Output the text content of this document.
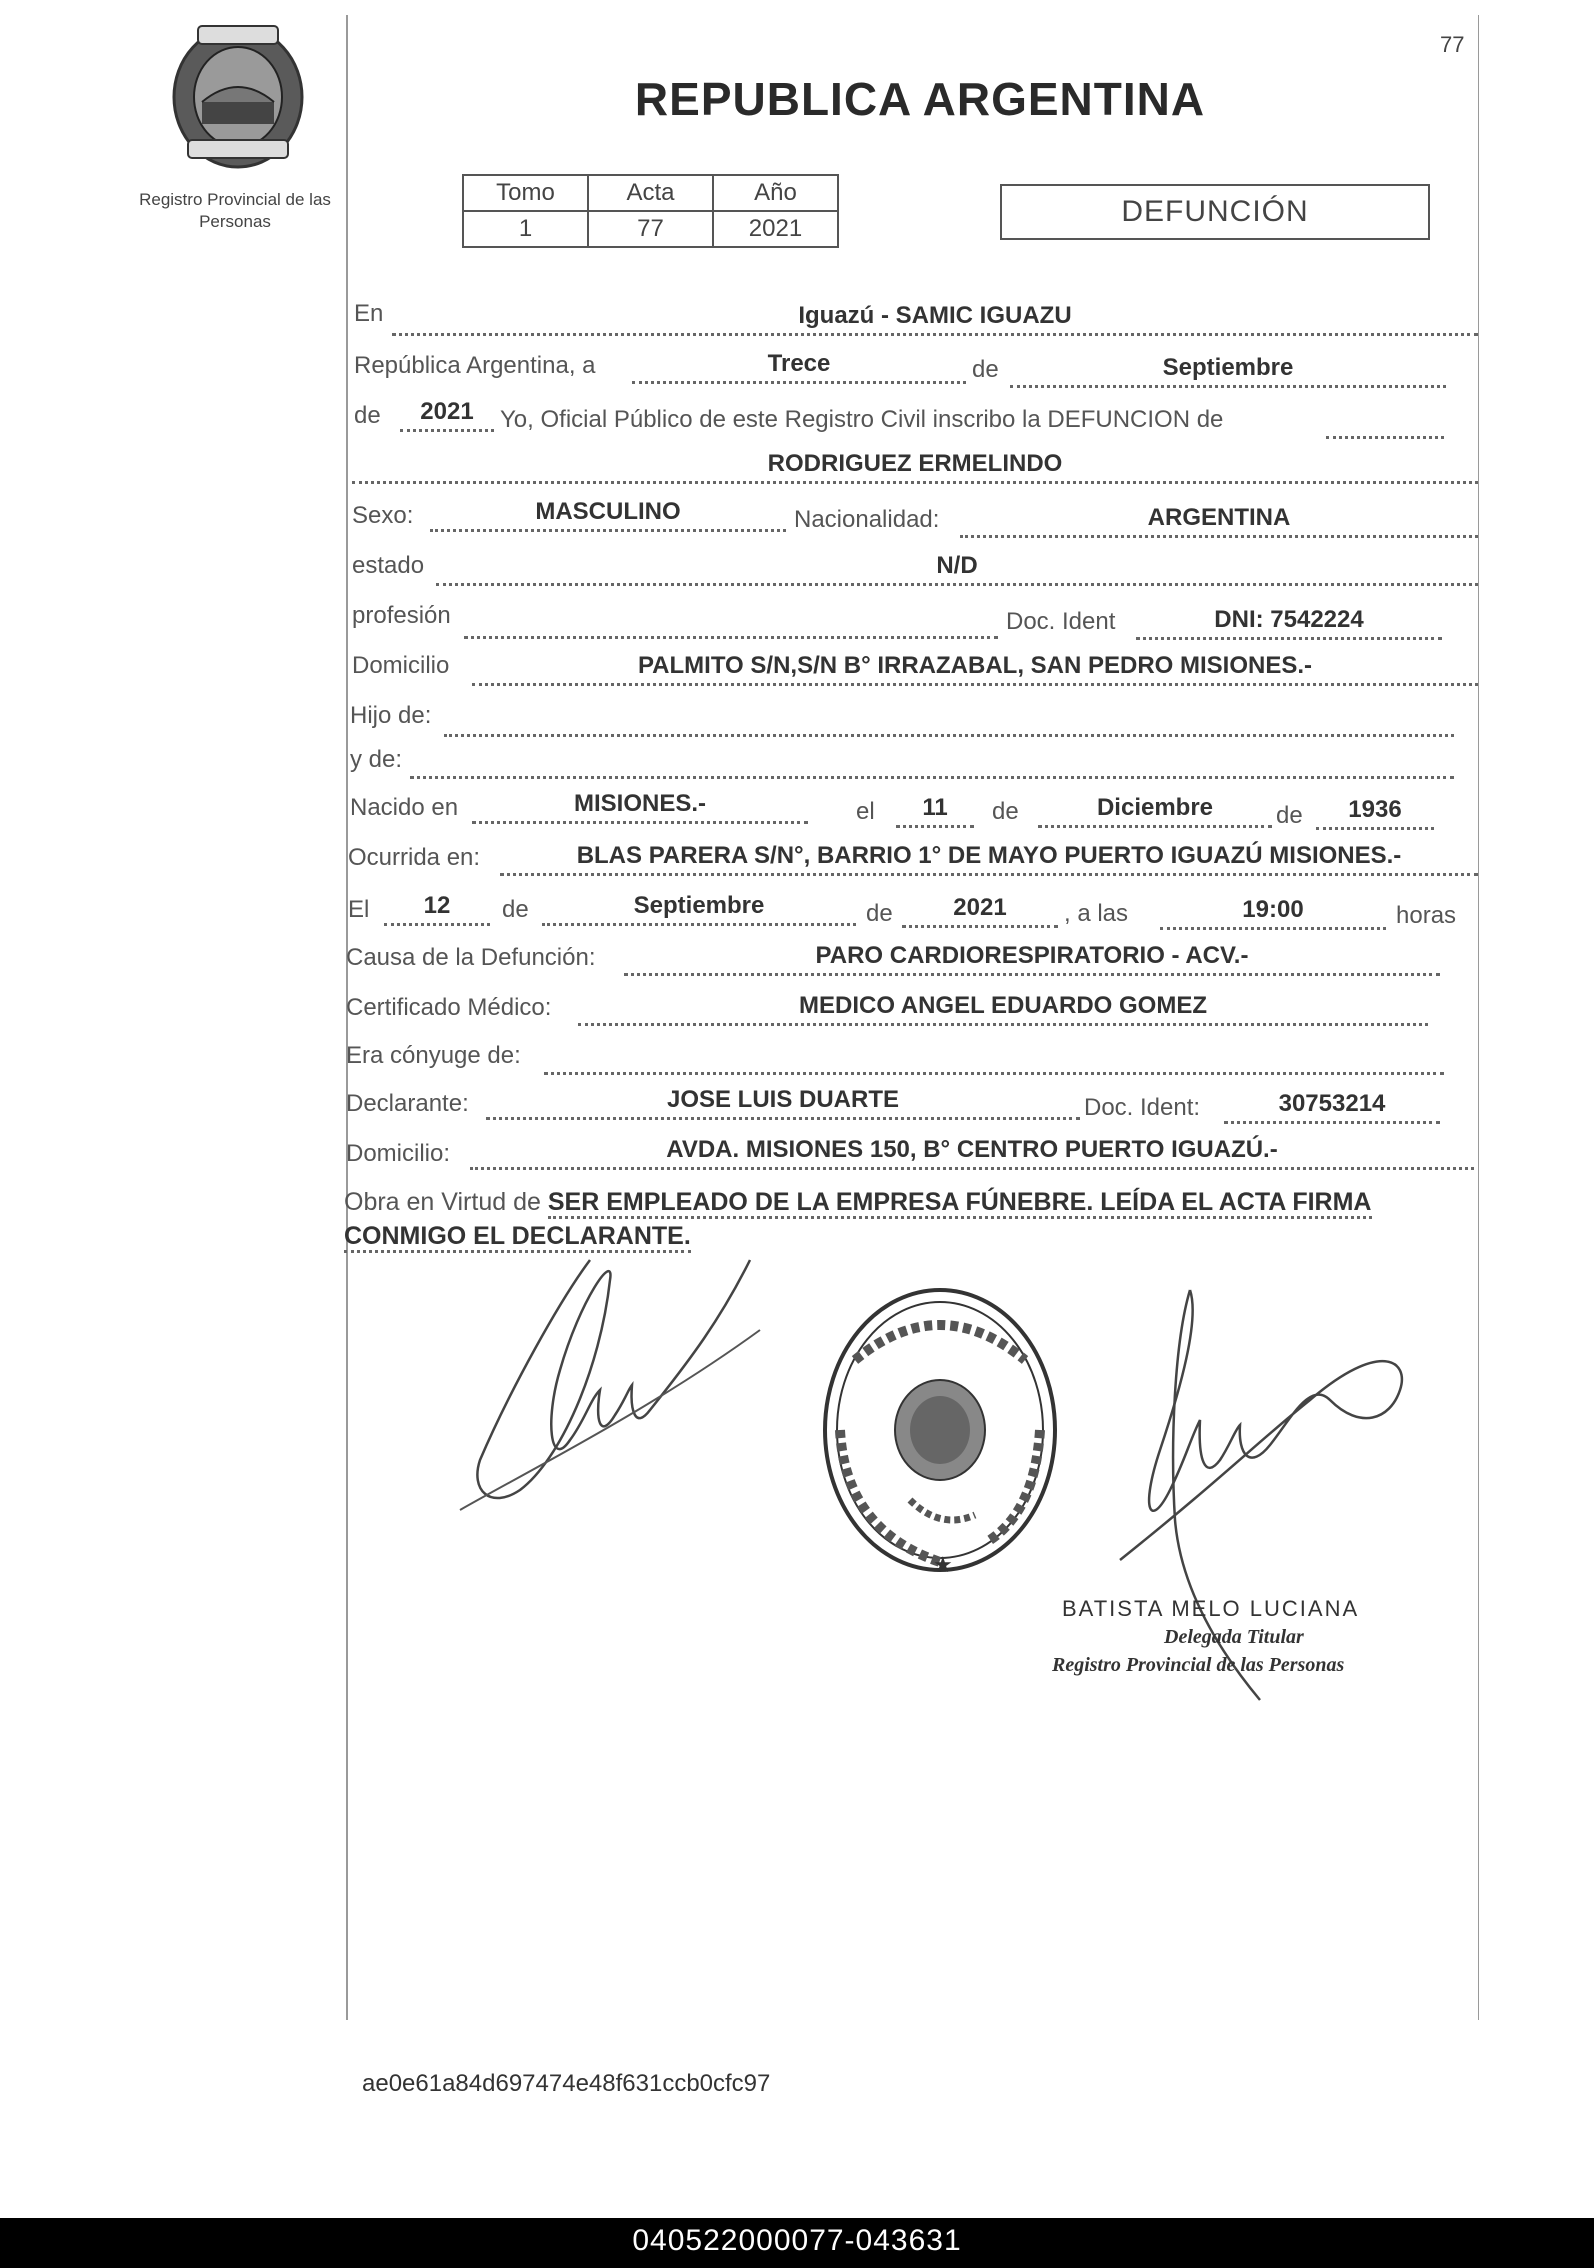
Registro Provincial de las Personas
REPUBLICA ARGENTINA
77
Tomo	Acta	Año
1	77	2021
DEFUNCIÓN
En	Iguazú - SAMIC IGUAZU
República Argentina, a	Trece	de	Septiembre
de	2021	Yo, Oficial Público de este Registro Civil inscribo la DEFUNCION de
RODRIGUEZ ERMELINDO
Sexo:	MASCULINO	Nacionalidad:	ARGENTINA
estado	N/D
profesión	Doc. Ident	DNI: 7542224
Domicilio	PALMITO S/N,S/N B° IRRAZABAL, SAN PEDRO MISIONES.-
Hijo de:
y de:
Nacido en	MISIONES.-	el	11	de	Diciembre	de	1936
Ocurrida en:	BLAS PARERA S/N°, BARRIO 1° DE MAYO PUERTO IGUAZÚ MISIONES.-
El	12	de	Septiembre	de	2021	, a las	19:00	horas
Causa de la Defunción:	PARO CARDIORESPIRATORIO - ACV.-
Certificado Médico:	MEDICO ANGEL EDUARDO GOMEZ
Era cónyuge de:
Declarante:	JOSE LUIS DUARTE	Doc. Ident:	30753214
Domicilio:	AVDA. MISIONES 150, B° CENTRO PUERTO IGUAZÚ.-
Obra en Virtud de SER EMPLEADO DE LA EMPRESA FÚNEBRE. LEÍDA EL ACTA FIRMA CONMIGO EL DECLARANTE.
★
BATISTA MELO LUCIANA
Delegada Titular
Registro Provincial de las Personas
ae0e61a84d697474e48f631ccb0cfc97
040522000077-043631
